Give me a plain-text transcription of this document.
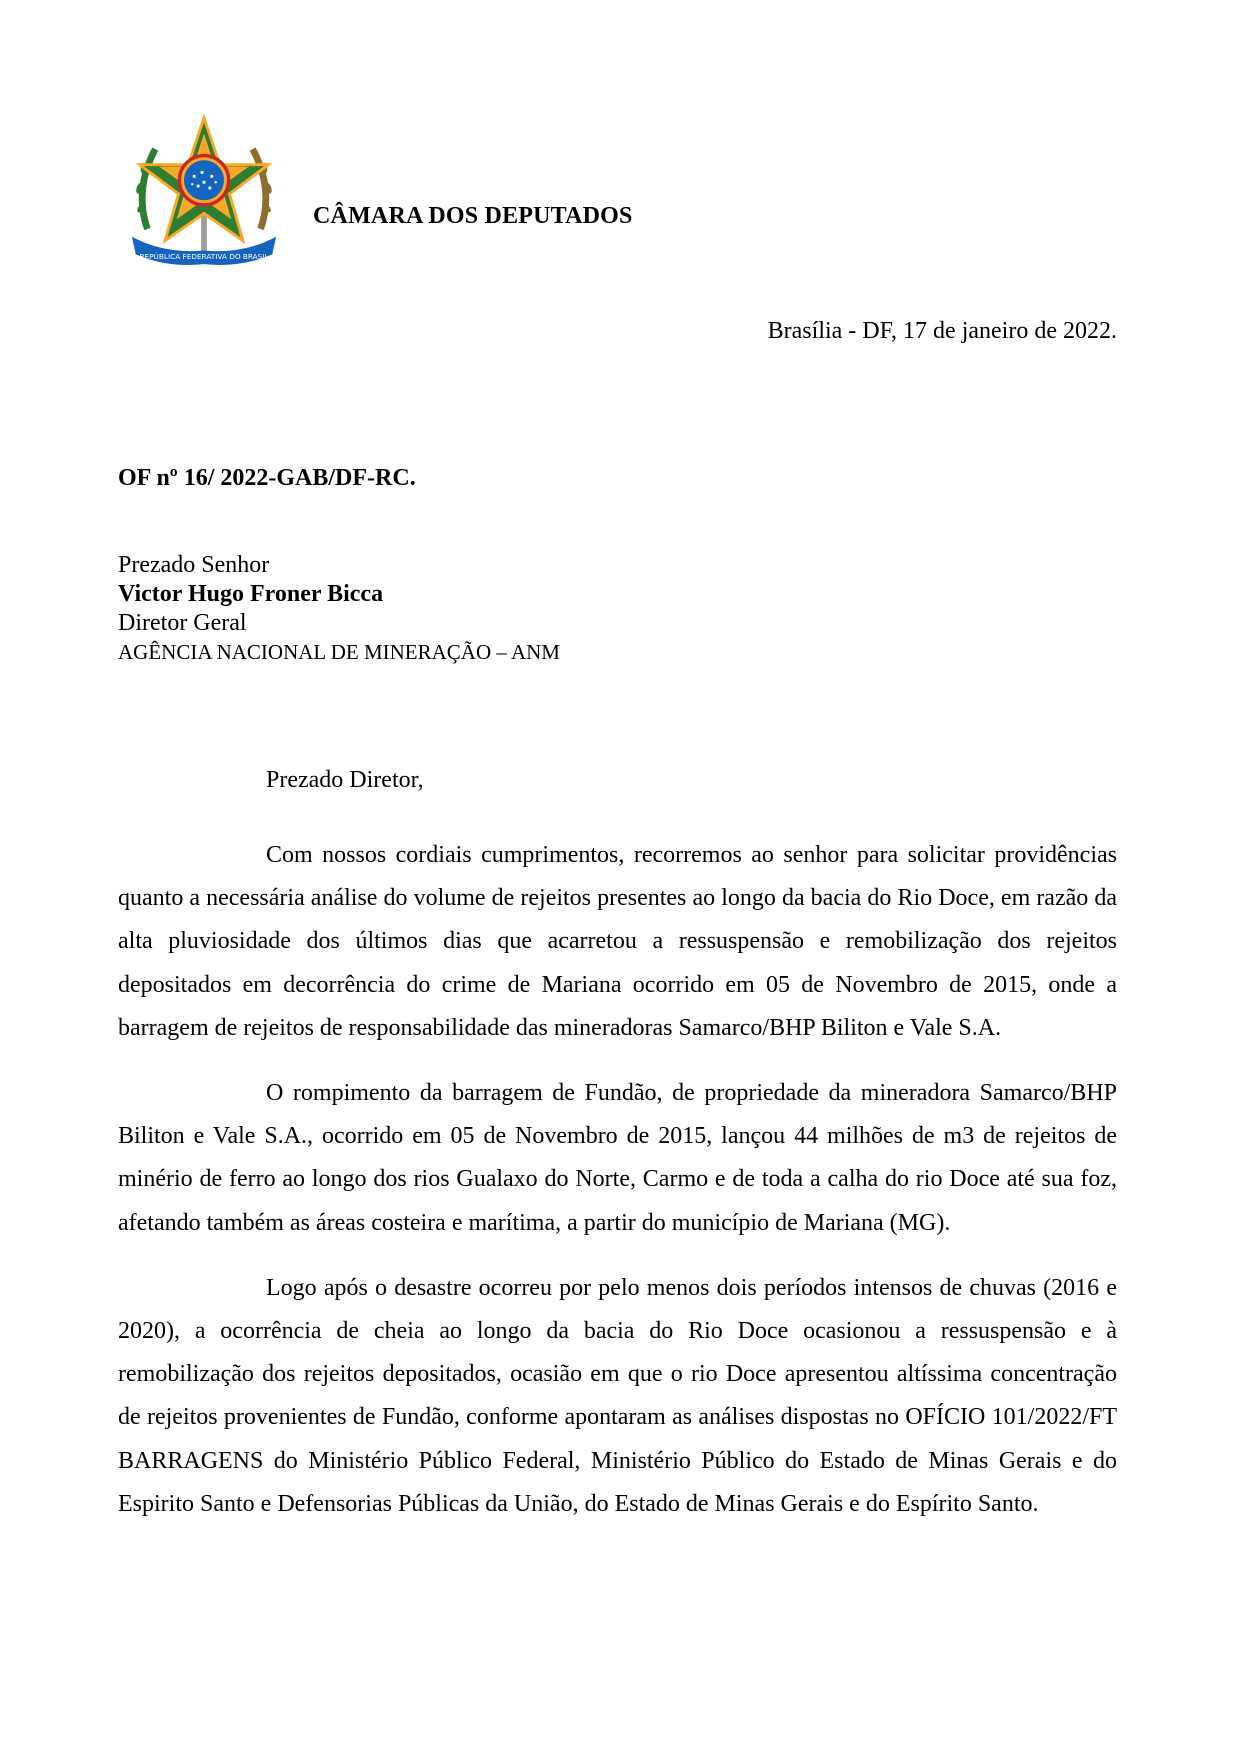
REPÚBLICA FEDERATIVA DO BRASIL
CÂMARA DOS DEPUTADOS
Brasília - DF, 17 de janeiro de 2022.
OF nº 16/ 2022-GAB/DF-RC.
Prezado Senhor
Victor Hugo Froner Bicca
Diretor Geral
AGÊNCIA NACIONAL DE MINERAÇÃO – ANM
Prezado Diretor,

Com nossos cordiais cumprimentos, recorremos ao senhor para solicitar providências quanto a necessária análise do volume de rejeitos presentes ao longo da bacia do Rio Doce, em razão da alta pluviosidade dos últimos dias que acarretou a ressuspensão e remobilização dos rejeitos depositados em decorrência do crime de Mariana ocorrido em 05 de Novembro de 2015, onde a barragem de rejeitos de responsabilidade das mineradoras Samarco/BHP Biliton e Vale S.A.

O rompimento da barragem de Fundão, de propriedade da mineradora Samarco/BHP Biliton e Vale S.A., ocorrido em 05 de Novembro de 2015, lançou 44 milhões de m3 de rejeitos de minério de ferro ao longo dos rios Gualaxo do Norte, Carmo e de toda a calha do rio Doce até sua foz, afetando também as áreas costeira e marítima, a partir do município de Mariana (MG).

Logo após o desastre ocorreu por pelo menos dois períodos intensos de chuvas (2016 e 2020), a ocorrência de cheia ao longo da bacia do Rio Doce ocasionou a ressuspensão e à remobilização dos rejeitos depositados, ocasião em que o rio Doce apresentou altíssima concentração de rejeitos provenientes de Fundão, conforme apontaram as análises dispostas no OFÍCIO 101/2022/FT BARRAGENS do Ministério Público Federal, Ministério Público do Estado de Minas Gerais e do Espirito Santo e Defensorias Públicas da União, do Estado de Minas Gerais e do Espírito Santo.
